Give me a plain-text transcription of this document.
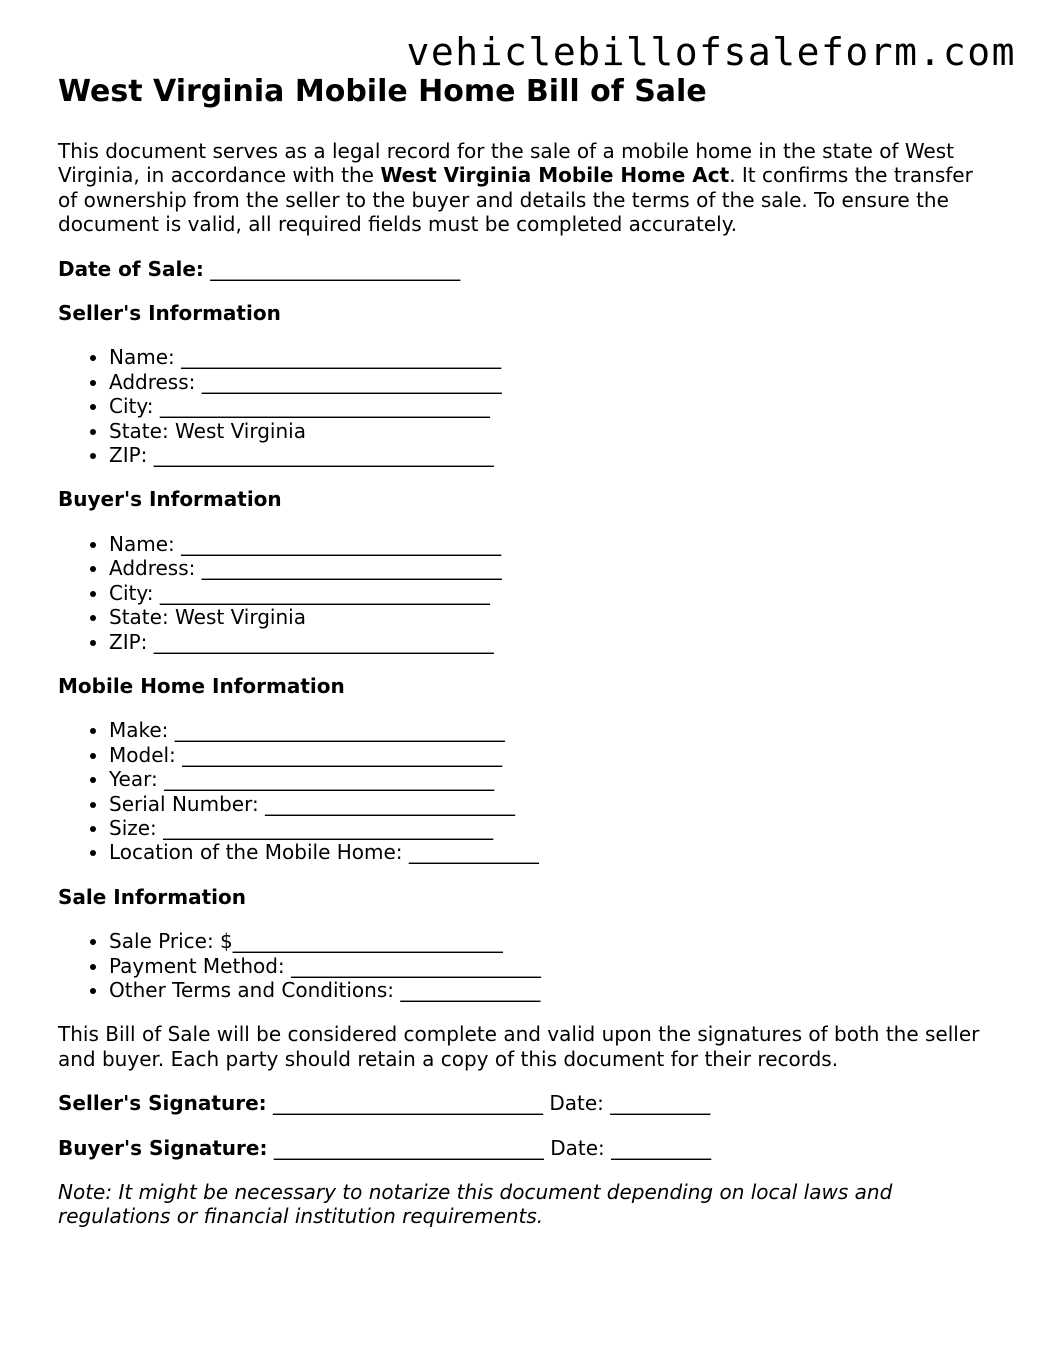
vehiclebillofsaleform.com
West Virginia Mobile Home Bill of Sale

This document serves as a legal record for the sale of a mobile home in the state of West Virginia, in accordance with the West Virginia Mobile Home Act. It confirms the transfer of ownership from the seller to the buyer and details the terms of the sale. To ensure the document is valid, all required fields must be completed accurately.

Date of Sale: _________________________

Seller's Information
• Name: ________________________________
• Address: ______________________________
• City: _________________________________
• State: West Virginia
• ZIP: __________________________________
Buyer's Information
• Name: ________________________________
• Address: ______________________________
• City: _________________________________
• State: West Virginia
• ZIP: __________________________________
Mobile Home Information
• Make: _________________________________
• Model: ________________________________
• Year: _________________________________
• Serial Number: _________________________
• Size: _________________________________
• Location of the Mobile Home: _____________
Sale Information
• Sale Price: $___________________________
• Payment Method: _________________________
• Other Terms and Conditions: ______________

This Bill of Sale will be considered complete and valid upon the signatures of both the seller and buyer. Each party should retain a copy of this document for their records.

Seller's Signature: ___________________________ Date: __________

Buyer's Signature: ___________________________ Date: __________

Note: It might be necessary to notarize this document depending on local laws and regulations or financial institution requirements.
